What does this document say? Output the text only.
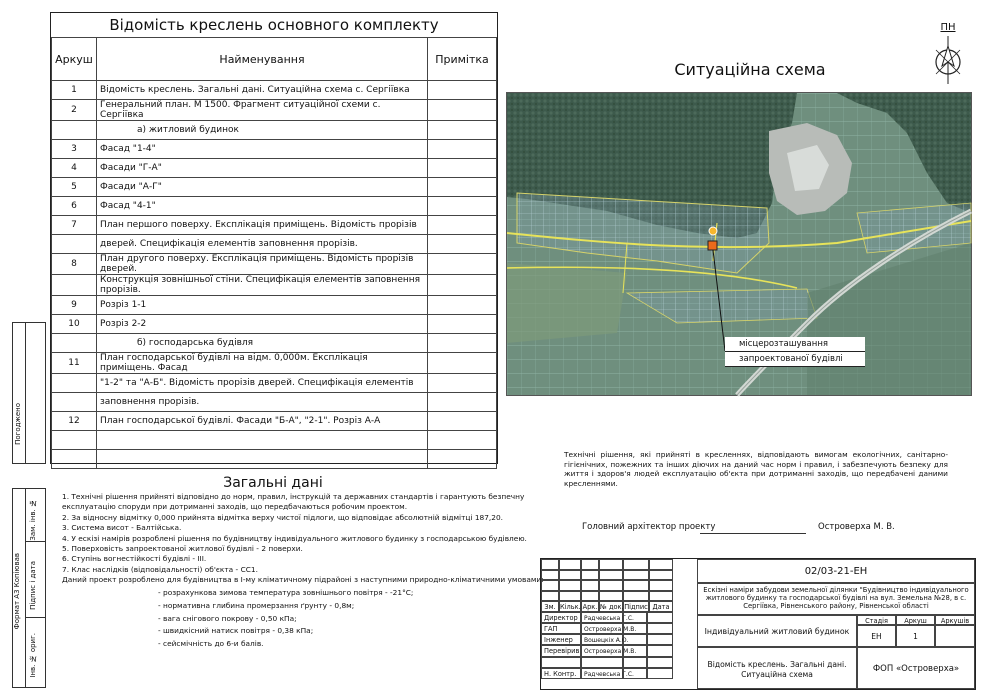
Відомість креслень основного комплекту
Аркуш	Найменування	Примітка
1	Відомість креслень. Загальні дані. Ситуаційна схема с. Сергіївка	
2	Генеральний план. М 1500. Фрагмент ситуаційної схеми с. Сергіївка	
	а) житловий будинок	
3	Фасад "1-4"	
4	Фасади "Г-А"	
5	Фасади "А-Г"	
6	Фасад "4-1"	
7	План першого поверху. Експлікація приміщень. Відомість прорізів	
	дверей. Специфікація елементів заповнення прорізів.	
8	План другого поверху. Експлікація приміщень. Відомість прорізів дверей.	
	Конструкція зовнішньої стіни. Специфікація елементів заповнення прорізів.	
9	Розріз 1-1	
10	Розріз 2-2	
	б) господарська будівля	
11	План господарської будівлі на відм. 0,000м. Експлікація приміщень. Фасад	
	"1-2" та "А-Б". Відомість прорізів дверей. Специфікація елементів	
	заповнення прорізів.	
12	План господарської будівлі. Фасади "Б-А", "2-1". Розріз А-А	

Погоджено
Зам. інв. №
Підпис і дата
Інв. № ориг.
Формат А3 Копіював
Загальні дані
1. Технічні рішення прийняті відповідно до норм, правил, інструкцій та державних стандартів і гарантують безпечну
експлуатацію споруди при дотриманні заходів, що передбачаються робочим проектом.
2. За відносну відмітку 0,000 прийнята відмітка верху чистої підлоги, що відповідає абсолютній відмітці 187,20.
3. Система висот - Балтійська.
4. У ескізі намірів розроблені рішення по будівництву індивідуального житлового будинку з господарською будівлею.
5. Поверховість запроектованої житлової будівлі - 2 поверхи.
6. Ступінь вогнестійкості будівлі - ІІІ.
7. Клас наслідків (відповідальності) об'єкта - СС1.
Даний проект розроблено для будівництва в І-му кліматичному підрайоні з наступними природно-кліматичними умовами:
- розрахункова зимова температура зовнішнього повітря - -21°С;
- нормативна глибина промерзання ґрунту - 0,8м;
- вага снігового покрову - 0,50 кПа;
- швидкісний натиск повітря - 0,38 кПа;
- сейсмічність до 6-и балів.
Ситуаційна схема
ПН
місцерозташування
запроектованої будівлі
Технічні рішення, які прийняті в кресленнях, відповідають вимогам екологічних, санітарно-гігієнічних, пожежних та інших діючих на даний час норм і правил, і забезпечують безпеку для життя і здоров'я людей експлуатацію об'єкта при дотриманні заходів, що передбачені даними кресленнями.
Головний архітектор проекту	Островерха М. В.
Зм. Кільк. Арк. № док. Підпис Дата
Директор	Радчевська Г.С.
ГАП	Островерха М.В.
Інженер	Вошецкіх А.О.
Перевірив Островерха М.В.
Н. Контр.	Радчевська Г.С.
02/03-21-ЕН
Ескізні наміри забудови земельної ділянки "Будівництво індивідуального житлового будинку та господарської будівлі на вул. Земельна №28, в с. Сергіївка, Рівненського району, Рівненської області
Індивідуальний житловий будинок
Стадія	Аркуш	Аркушів
ЕН	1
Відомість креслень. Загальні дані. Ситуаційна схема
ФОП «Островерха»
